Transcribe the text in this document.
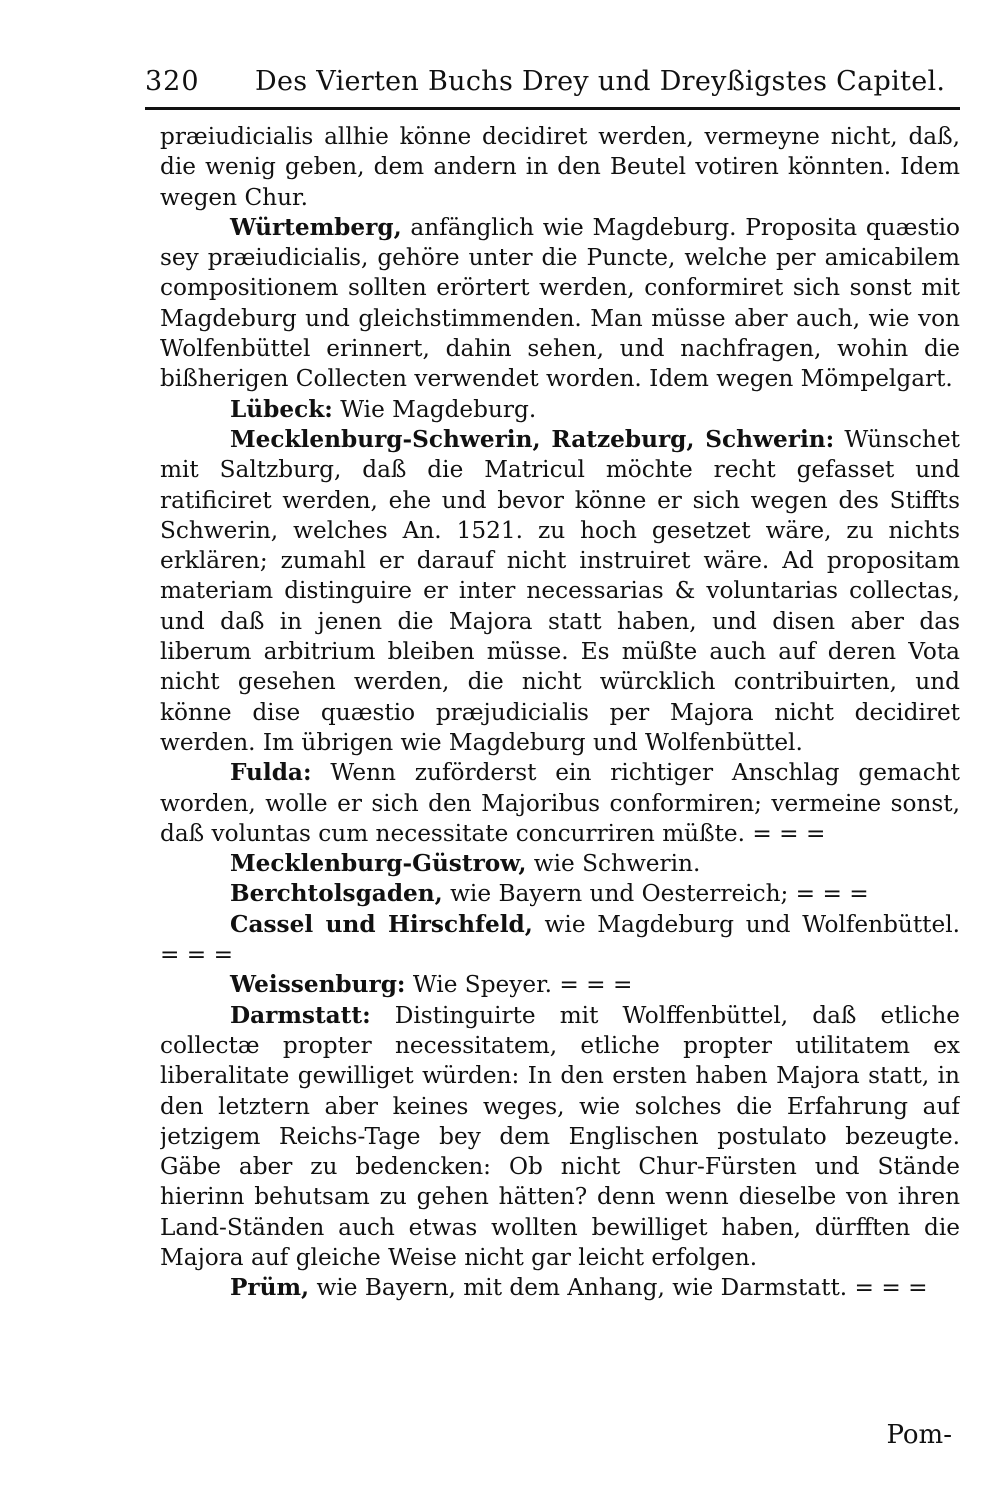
320 Des Vierten Buchs Drey und Dreyßigstes Capitel.

præiudicialis allhie könne decidiret werden, vermeyne nicht, daß, die wenig geben, dem andern in den Beutel votiren könnten. Idem wegen Chur.

Würtemberg, anfänglich wie Magdeburg. Proposita quæstio sey præiudicialis, gehöre unter die Puncte, welche per amicabilem compositionem sollten erörtert werden, conformiret sich sonst mit Magdeburg und gleichstimmenden. Man müsse aber auch, wie von Wolfenbüttel erinnert, dahin sehen, und nachfragen, wohin die bißherigen Collecten verwendet worden. Idem wegen Mömpelgart.

Lübeck: Wie Magdeburg.

Mecklenburg-Schwerin, Ratzeburg, Schwerin: Wünschet mit Saltzburg, daß die Matricul möchte recht gefasset und ratificiret werden, ehe und bevor könne er sich wegen des Stiffts Schwerin, welches An. 1521. zu hoch gesetzet wäre, zu nichts erklären; zumahl er darauf nicht instruiret wäre. Ad propositam materiam distinguire er inter necessarias & voluntarias collectas, und daß in jenen die Majora statt haben, und disen aber das liberum arbitrium bleiben müsse. Es müßte auch auf deren Vota nicht gesehen werden, die nicht würcklich contribuirten, und könne dise quæstio præjudicialis per Majora nicht decidiret werden. Im übrigen wie Magdeburg und Wolfenbüttel.

Fulda: Wenn zuförderst ein richtiger Anschlag gemacht worden, wolle er sich den Majoribus conformiren; vermeine sonst, daß voluntas cum necessitate concurriren müßte. = = =

Mecklenburg-Güstrow, wie Schwerin.

Berchtolsgaden, wie Bayern und Oesterreich; = = =

Cassel und Hirschfeld, wie Magdeburg und Wolfenbüttel. = = =

Weissenburg: Wie Speyer. = = =

Darmstatt: Distinguirte mit Wolffenbüttel, daß etliche collectæ propter necessitatem, etliche propter utilitatem ex liberalitate gewilliget würden: In den ersten haben Majora statt, in den letztern aber keines weges, wie solches die Erfahrung auf jetzigem Reichs-Tage bey dem Englischen postulato bezeugte. Gäbe aber zu bedencken: Ob nicht Chur-Fürsten und Stände hierinn behutsam zu gehen hätten? denn wenn dieselbe von ihren Land-Ständen auch etwas wollten bewilliget haben, dürfften die Majora auf gleiche Weise nicht gar leicht erfolgen.

Prüm, wie Bayern, mit dem Anhang, wie Darmstatt. = = =

Pom-
